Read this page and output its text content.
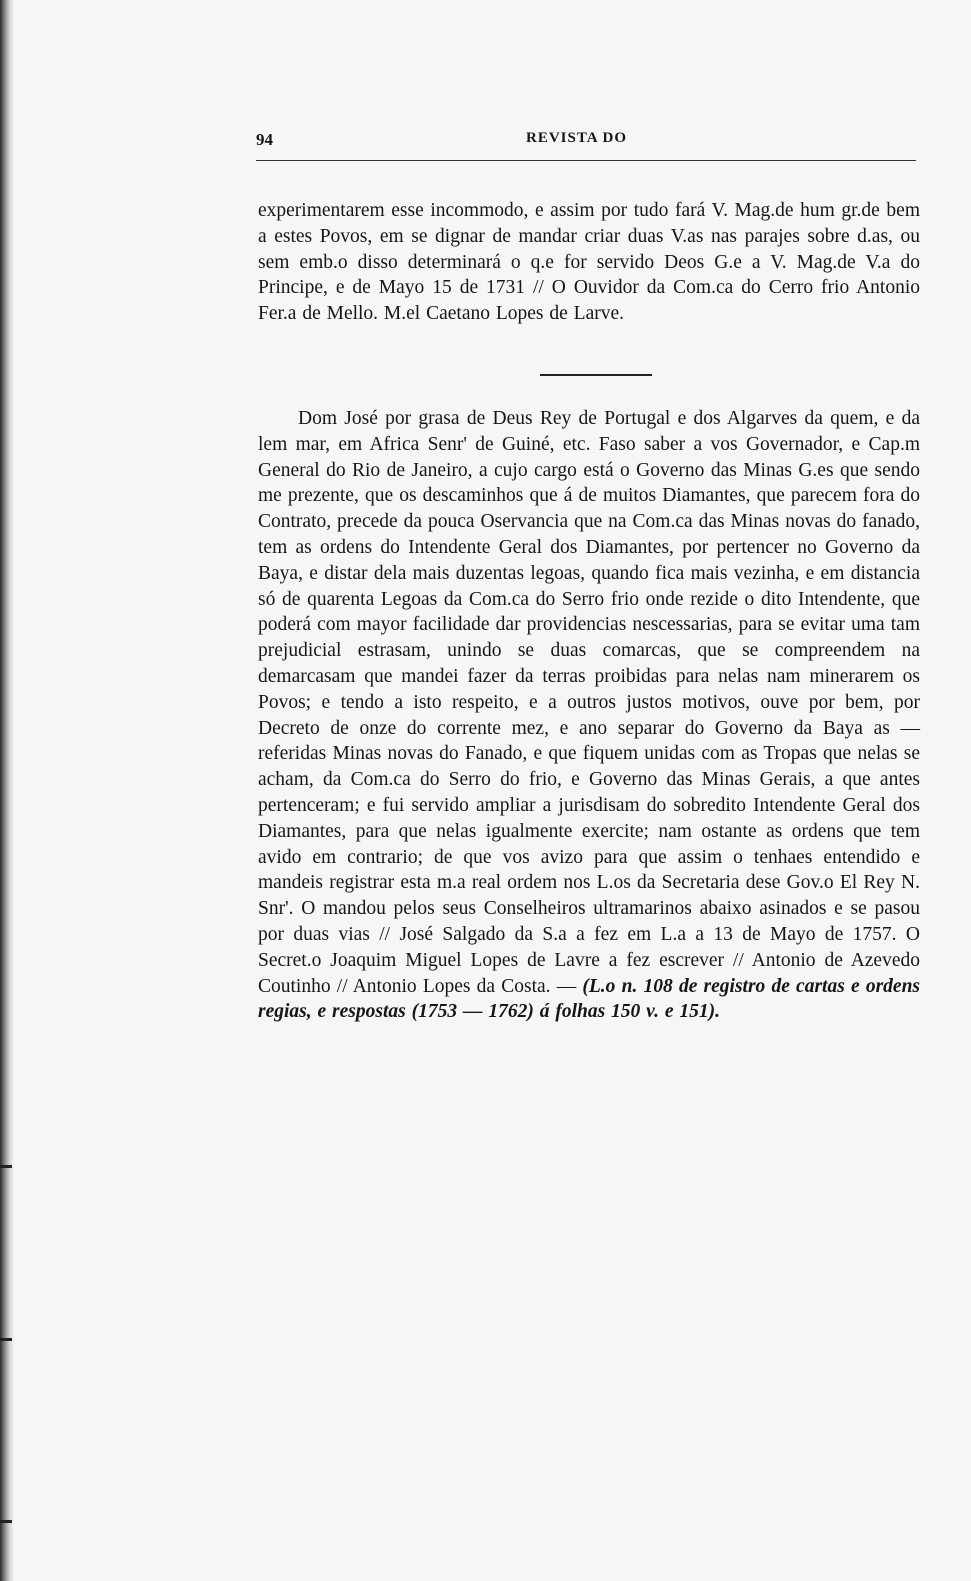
94	REVISTA DO

experimentarem esse incommodo, e assim por tudo fará V. Mag.de hum gr.de bem a estes Povos, em se dignar de mandar criar duas V.as nas parajes sobre d.as, ou sem emb.o disso determinará o q.e for servido Deos G.e a V. Mag.de V.a do Principe, e de Mayo 15 de 1731 // O Ouvidor da Com.ca do Cerro frio Antonio Fer.a de Mello. M.el Caetano Lopes de Larve.

Dom José por grasa de Deus Rey de Portugal e dos Algarves da quem, e da lem mar, em Africa Senr' de Guiné, etc. Faso saber a vos Governador, e Cap.m General do Rio de Janeiro, a cujo cargo está o Governo das Minas G.es que sendo me prezente, que os descaminhos que á de muitos Diamantes, que parecem fora do Contrato, precede da pouca Oservancia que na Com.ca das Minas novas do fanado, tem as ordens do Intendente Geral dos Diamantes, por pertencer no Governo da Baya, e distar dela mais duzentas legoas, quando fica mais vezinha, e em distancia só de quarenta Legoas da Com.ca do Serro frio onde rezide o dito Intendente, que poderá com mayor facilidade dar providencias nescessarias, para se evitar uma tam prejudicial estrasam, unindo se duas comarcas, que se compreendem na demarcasam que mandei fazer da terras proibidas para nelas nam minerarem os Povos; e tendo a isto respeito, e a outros justos motivos, ouve por bem, por Decreto de onze do corrente mez, e ano separar do Governo da Baya as — referidas Minas novas do Fanado, e que fiquem unidas com as Tropas que nelas se acham, da Com.ca do Serro do frio, e Governo das Minas Gerais, a que antes pertenceram; e fui servido ampliar a jurisdisam do sobredito Intendente Geral dos Diamantes, para que nelas igualmente exercite; nam ostante as ordens que tem avido em contrario; de que vos avizo para que assim o tenhaes entendido e mandeis registrar esta m.a real ordem nos L.os da Secretaria dese Gov.o El Rey N. Snr'. O mandou pelos seus Conselheiros ultramarinos abaixo asinados e se pasou por duas vias // José Salgado da S.a a fez em L.a a 13 de Mayo de 1757. O Secret.o Joaquim Miguel Lopes de Lavre a fez escrever // Antonio de Azevedo Coutinho // Antonio Lopes da Costa. — (L.o n. 108 de registro de cartas e ordens regias, e respostas (1753 — 1762) á folhas 150 v. e 151).
